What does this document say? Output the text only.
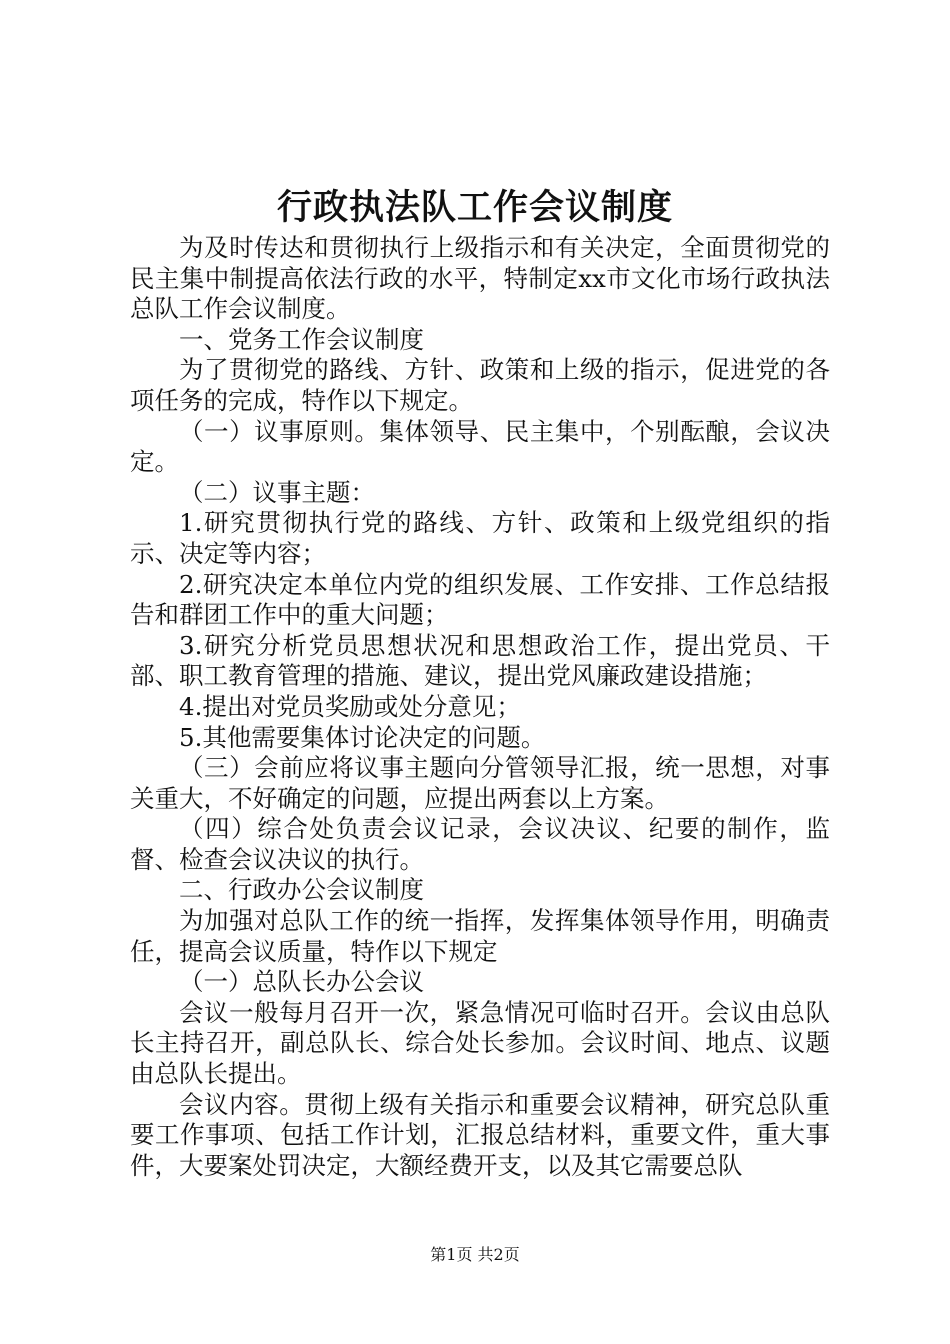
行政执法队工作会议制度

为及时传达和贯彻执行上级指示和有关决定，全面贯彻党的民主集中制提高依法行政的水平，特制定xx市文化市场行政执法总队工作会议制度。

一、党务工作会议制度

为了贯彻党的路线、方针、政策和上级的指示，促进党的各项任务的完成，特作以下规定。

（一）议事原则。集体领导、民主集中，个别酝酿，会议决定。

（二）议事主题：

1.研究贯彻执行党的路线、方针、政策和上级党组织的指示、决定等内容；

2.研究决定本单位内党的组织发展、工作安排、工作总结报告和群团工作中的重大问题；

3.研究分析党员思想状况和思想政治工作，提出党员、干部、职工教育管理的措施、建议，提出党风廉政建设措施；

4.提出对党员奖励或处分意见；

5.其他需要集体讨论决定的问题。

（三）会前应将议事主题向分管领导汇报，统一思想，对事关重大，不好确定的问题，应提出两套以上方案。

（四）综合处负责会议记录，会议决议、纪要的制作，监督、检查会议决议的执行。

二、行政办公会议制度

为加强对总队工作的统一指挥，发挥集体领导作用，明确责任，提高会议质量，特作以下规定

（一）总队长办公会议

会议一般每月召开一次，紧急情况可临时召开。会议由总队长主持召开，副总队长、综合处长参加。会议时间、地点、议题由总队长提出。

会议内容。贯彻上级有关指示和重要会议精神，研究总队重要工作事项、包括工作计划，汇报总结材料，重要文件，重大事件，大要案处罚决定，大额经费开支，以及其它需要总队

第1页 共2页
